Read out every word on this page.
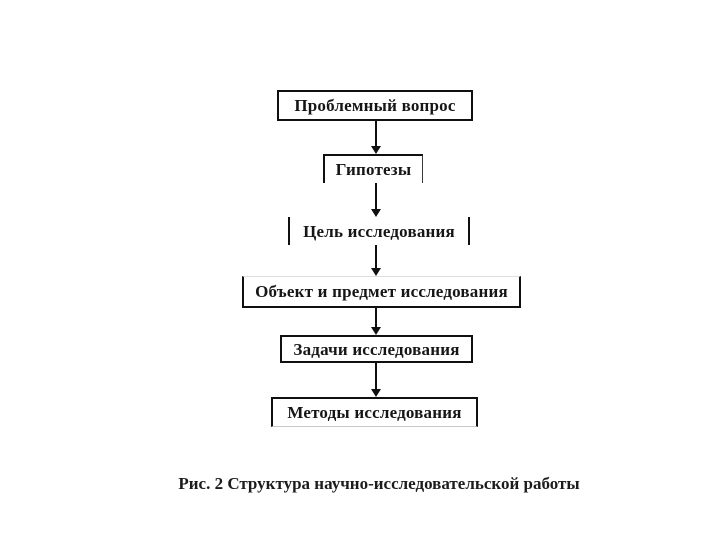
Проблемный вопрос
Гипотезы
Цель исследования
Объект и предмет исследования
Задачи исследования
Методы исследования
Рис. 2 Структура научно-исследовательской работы
